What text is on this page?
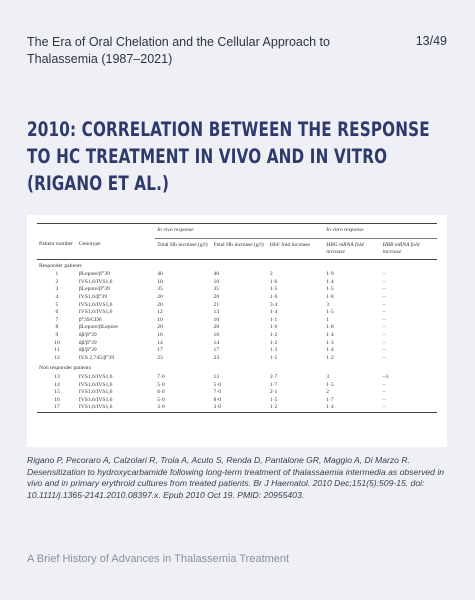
The Era of Oral Chelation and the Cellular Approach to Thalassemia (1987–2021)
13/49
2010: CORRELATION BETWEEN THE RESPONSE TO HC TREATMENT IN VIVO AND IN VITRO (RIGANO ET AL.)
		In vivo response			In vitro response	
Patient number	Genotype	Total Hb increase (g/l)	Fetal Hb increase (g/l)	HbF fold increase	HBG mRNA fold increase	HBB mRNA fold increase
Responder patients						
1	βLepore/β°39	40	40	2	1·9	–
2	IVS1,6/IVS1,6	10	10	1·6	1·4	–
3	βLepore/β°39	35	35	1·5	1·5	–
4	IVS1,6/β°39	20	20	1·6	1·8	–
5	IVS1,6/IVS1,6	20	21	3·4	3	–
6	IVS1,6/IVS1,6	12	13	1·4	1·5	–
7	β°39/CD6	10	10	1·1	1	–
8	βLepore/βLepore	20	20	1·6	1·8	–
9	δβ/β°39	16	16	1·2	1·4	–
10	δβ/β°39	14	14	1·2	1·3	–
11	δβ/β°39	17	17	1·3	1·4	–
12	IVS 2,745/β°39	23	23	1·5	1·2	–
Non responder patients						
13	IVS1,6/IVS1,6	7·0	13	2·7	3	~3
14	IVS1,6/IVS1,6	5·0	5·0	1·7	1·5	–
15	IVS1,6/IVS1,6	6·0	7·0	2·1	2	–
16	IVS1,6/IVS1,6	5·0	8·0	1·5	1·7	–
17	IVS1,6/IVS1,6	3·0	3·0	1·2	1·4	–
Rigano P, Pecoraro A, Calzolari R, Troia A, Acuto S, Renda D, Pantalone GR, Maggio A, Di Marzo R. Desensitization to hydroxycarbamide following long-term treatment of thalassaemia intermedia as observed in vivo and in primary erythroid cultures from treated patients. Br J Haematol. 2010 Dec;151(5):509-15. doi: 10.1111/j.1365-2141.2010.08397.x. Epub 2010 Oct 19. PMID: 20955403.
A Brief History of Advances in Thalassemia Treatment
